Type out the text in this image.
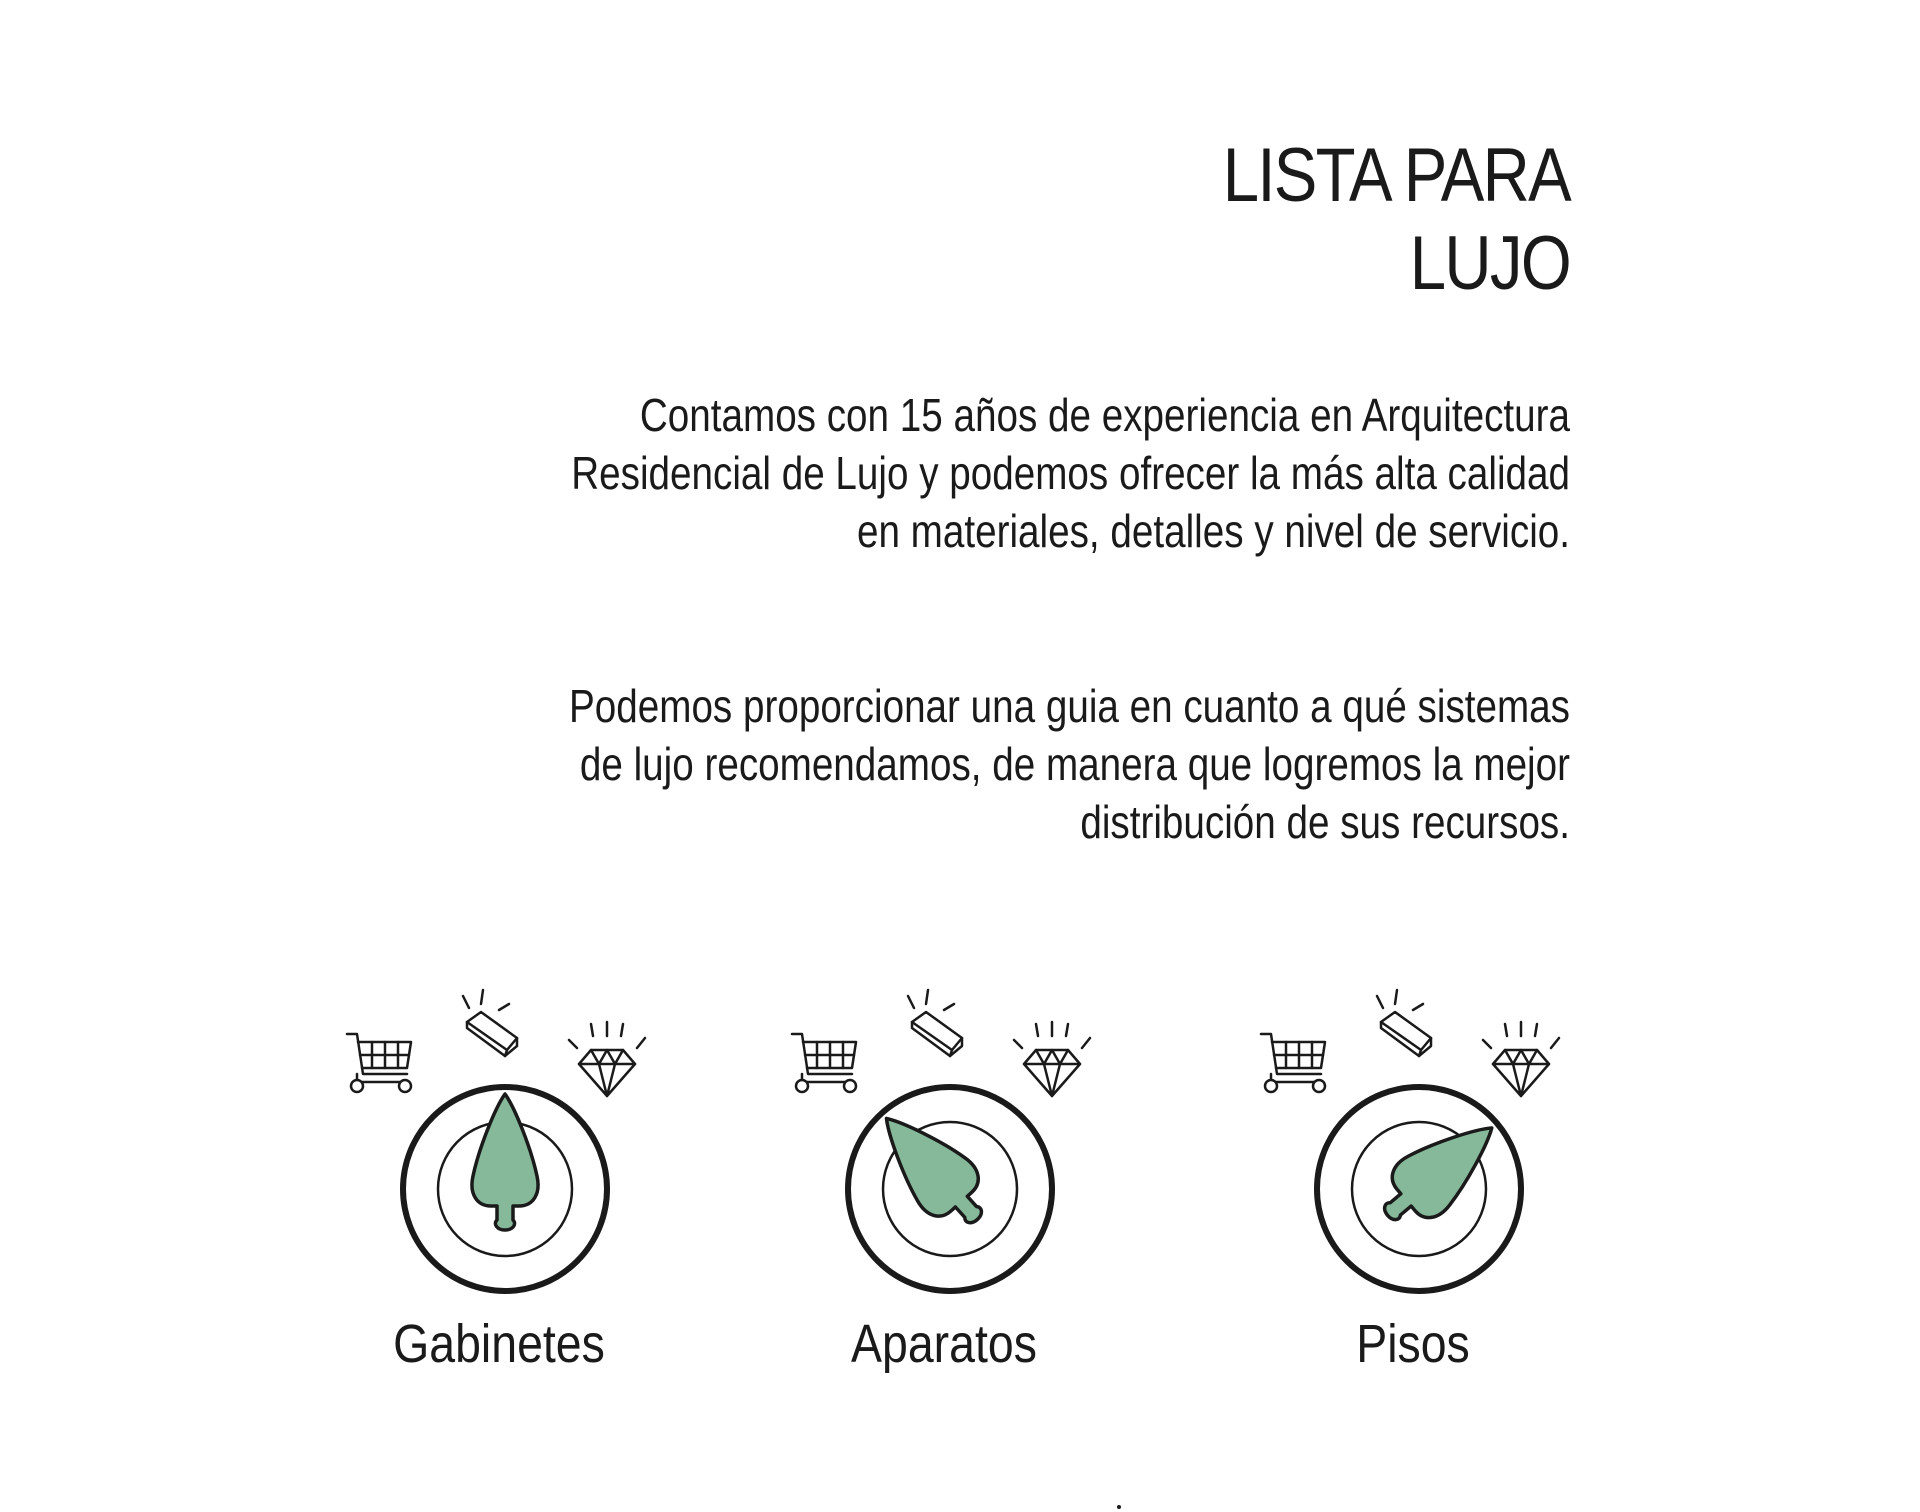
LISTA PARA
LUJO

Contamos con 15 años de experiencia en Arquitectura
Residencial de Lujo y podemos ofrecer la más alta calidad
en materiales, detalles y nivel de servicio.

Podemos proporcionar una guia en cuanto a qué sistemas
de lujo recomendamos, de manera que logremos la mejor
distribución de sus recursos.

Gabinetes	Aparatos	Pisos
